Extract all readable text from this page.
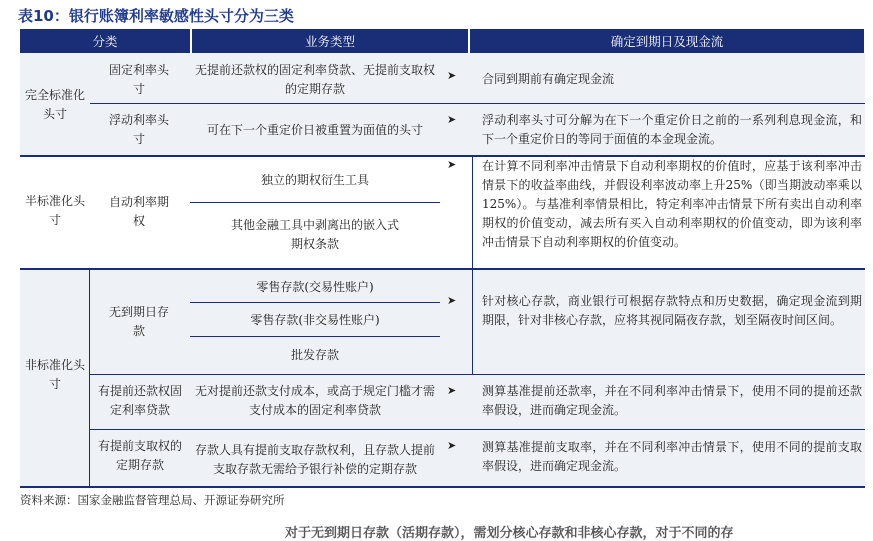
表10：银行账簿利率敏感性头寸分为三类
分类	业务类型	确定到期日及现金流
完全标准化头寸
半标准化头寸
非标准化头寸
固定利率头寸
浮动利率头寸
自动利率期权
无到期日存款
有提前还款权固定利率贷款
有提前支取权的定期存款
无提前还款权的固定利率贷款、无提前支取权的定期存款
可在下一个重定价日被重置为面值的头寸
独立的期权衍生工具
其他金融工具中剥离出的嵌入式期权条款
零售存款(交易性账户)
零售存款(非交易性账户)
批发存款
无对提前还款支付成本，或高于规定门槛才需支付成本的固定利率贷款
存款人具有提前支取存款权利，且存款人提前支取存款无需给予银行补偿的定期存款
➤
➤
➤
➤
➤
➤
合同到期前有确定现金流
浮动利率头寸可分解为在下一个重定价日之前的一系列利息现金流，和下一个重定价日的等同于面值的本金现金流。
在计算不同利率冲击情景下自动利率期权的价值时，应基于该利率冲击情景下的收益率曲线，并假设利率波动率上升25%（即当期波动率乘以125%）。与基准利率情景相比，特定利率冲击情景下所有卖出自动利率期权的价值变动，减去所有买入自动利率期权的价值变动，即为该利率冲击情景下自动利率期权的价值变动。
针对核心存款，商业银行可根据存款特点和历史数据，确定现金流到期期限，针对非核心存款，应将其视同隔夜存款，划至隔夜时间区间。
测算基准提前还款率，并在不同利率冲击情景下，使用不同的提前还款率假设，进而确定现金流。
测算基准提前支取率，并在不同利率冲击情景下，使用不同的提前支取率假设，进而确定现金流。
资料来源：国家金融监督管理总局、开源证券研究所
对于无到期日存款（活期存款），需划分核心存款和非核心存款，对于不同的存
